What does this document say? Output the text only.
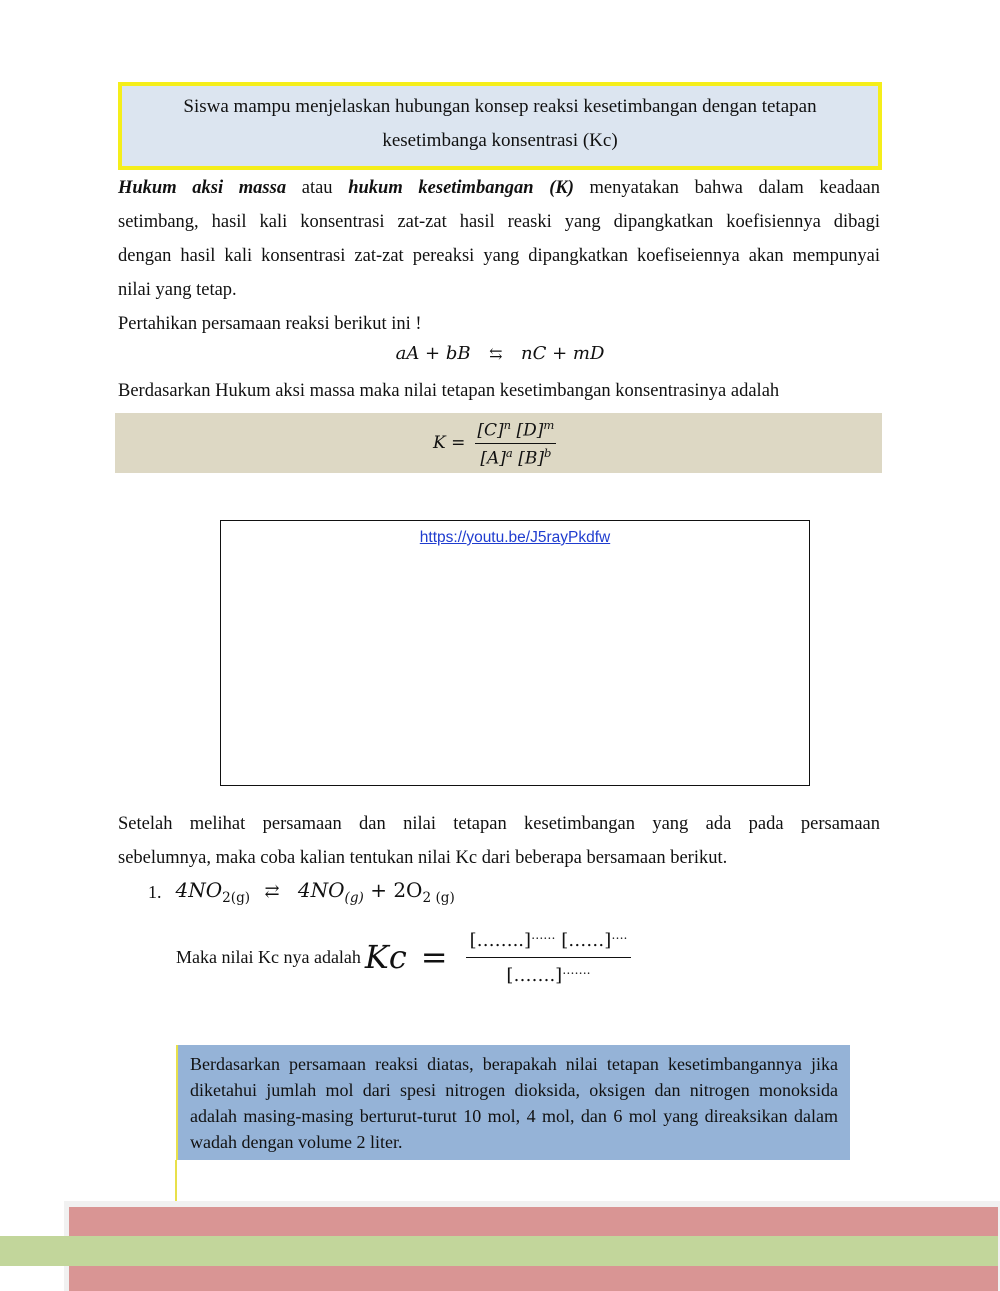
Siswa mampu menjelaskan hubungan konsep reaksi kesetimbangan dengan tetapan

kesetimbanga konsentrasi (Kc)

Hukum aksi massa atau hukum kesetimbangan (K) menyatakan bahwa dalam keadaan

setimbang, hasil kali konsentrasi zat-zat hasil reaski yang dipangkatkan koefisiennya dibagi

dengan hasil kali konsentrasi zat-zat pereaksi yang dipangkatkan koefiseiennya akan mempunyai

nilai yang tetap.

Pertahikan persamaan reaksi berikut ini !

aA + bB ⇆ nC + mD

Berdasarkan Hukum aksi massa maka nilai tetapan kesetimbangan konsentrasinya adalah

$K = \frac{[C]^n [D]^m}{[A]^a [B]^b}$
https://youtu.be/J5rayPkdfw

Setelah melihat persamaan dan nilai tetapan kesetimbangan yang ada pada persamaan

sebelumnya, maka coba kalian tentukan nilai Kc dari beberapa bersamaan berikut.

1. $4NO_{2(g)}$ ⇄ $4NO_{(g)} + 2O_{2 (g)}$
Maka nilai Kc nya adalah $Kc = \frac{[\dots\dots..]^{\dots\dots} [\dots\dots]^{\dots.}}{[\dots\dots.]^{\dots\dots.}}$

Berdasarkan persamaan reaksi diatas, berapakah nilai tetapan kesetimbangannya jika diketahui jumlah mol dari spesi nitrogen dioksida, oksigen dan nitrogen monoksida adalah masing-masing berturut-turut 10 mol, 4 mol, dan 6 mol yang direaksikan dalam wadah dengan volume 2 liter.
